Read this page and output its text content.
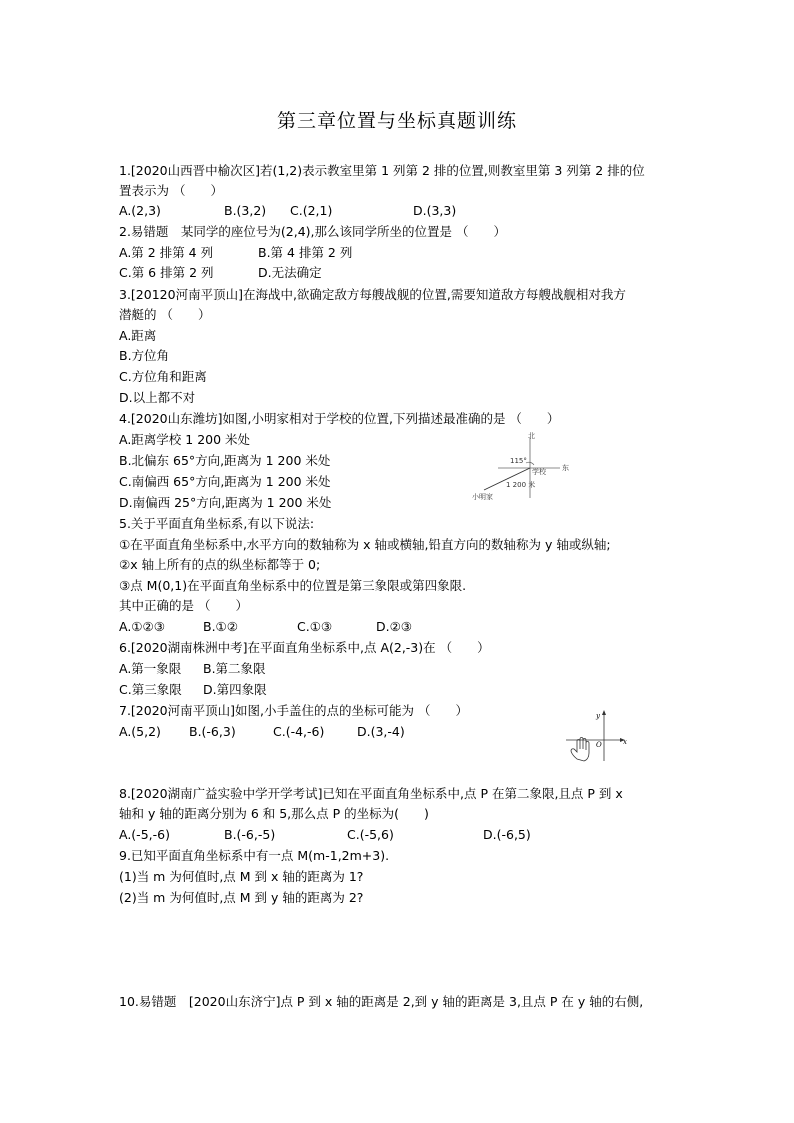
第三章位置与坐标真题训练
1.[2020山西晋中榆次区]若(1,2)表示教室里第 1 列第 2 排的位置,则教室里第 3 列第 2 排的位
置表示为 （　　）
A.(2,3)	B.(3,2) C.(2,1)	D.(3,3)
2.易错题　某同学的座位号为(2,4),那么该同学所坐的位置是 （　　）
A.第 2 排第 4 列	B.第 4 排第 2 列
C.第 6 排第 2 列	D.无法确定
3.[20120河南平顶山]在海战中,欲确定敌方每艘战舰的位置,需要知道敌方每艘战舰相对我方
潜艇的 （　　）
A.距离
B.方位角
C.方位角和距离
D.以上都不对
4.[2020山东潍坊]如图,小明家相对于学校的位置,下列描述最准确的是 （　　）
A.距离学校 1 200 米处
B.北偏东 65°方向,距离为 1 200 米处
C.南偏西 65°方向,距离为 1 200 米处
D.南偏西 25°方向,距离为 1 200 米处
北
东
115°
学校
1 200 米
小明家
5.关于平面直角坐标系,有以下说法:
①在平面直角坐标系中,水平方向的数轴称为 x 轴或横轴,铅直方向的数轴称为 y 轴或纵轴;
②x 轴上所有的点的纵坐标都等于 0;
③点 M(0,1)在平面直角坐标系中的位置是第三象限或第四象限.
其中正确的是 （　　）
A.①②③	B.①②	C.①③	D.②③
6.[2020湖南株洲中考]在平面直角坐标系中,点 A(2,-3)在 （　　）
A.第一象限 B.第二象限
C.第三象限 D.第四象限
7.[2020河南平顶山]如图,小手盖住的点的坐标可能为 （　　）
A.(5,2) B.(-6,3)	C.(-4,-6)	D.(3,-4)
y
O	x
8.[2020湖南广益实验中学开学考试]已知在平面直角坐标系中,点 P 在第二象限,且点 P 到 x
轴和 y 轴的距离分别为 6 和 5,那么点 P 的坐标为(　　)
A.(-5,-6)	B.(-6,-5)	C.(-5,6)	D.(-6,5)
9.已知平面直角坐标系中有一点 M(m-1,2m+3).
(1)当 m 为何值时,点 M 到 x 轴的距离为 1?
(2)当 m 为何值时,点 M 到 y 轴的距离为 2?
10.易错题　[2020山东济宁]点 P 到 x 轴的距离是 2,到 y 轴的距离是 3,且点 P 在 y 轴的右侧,
